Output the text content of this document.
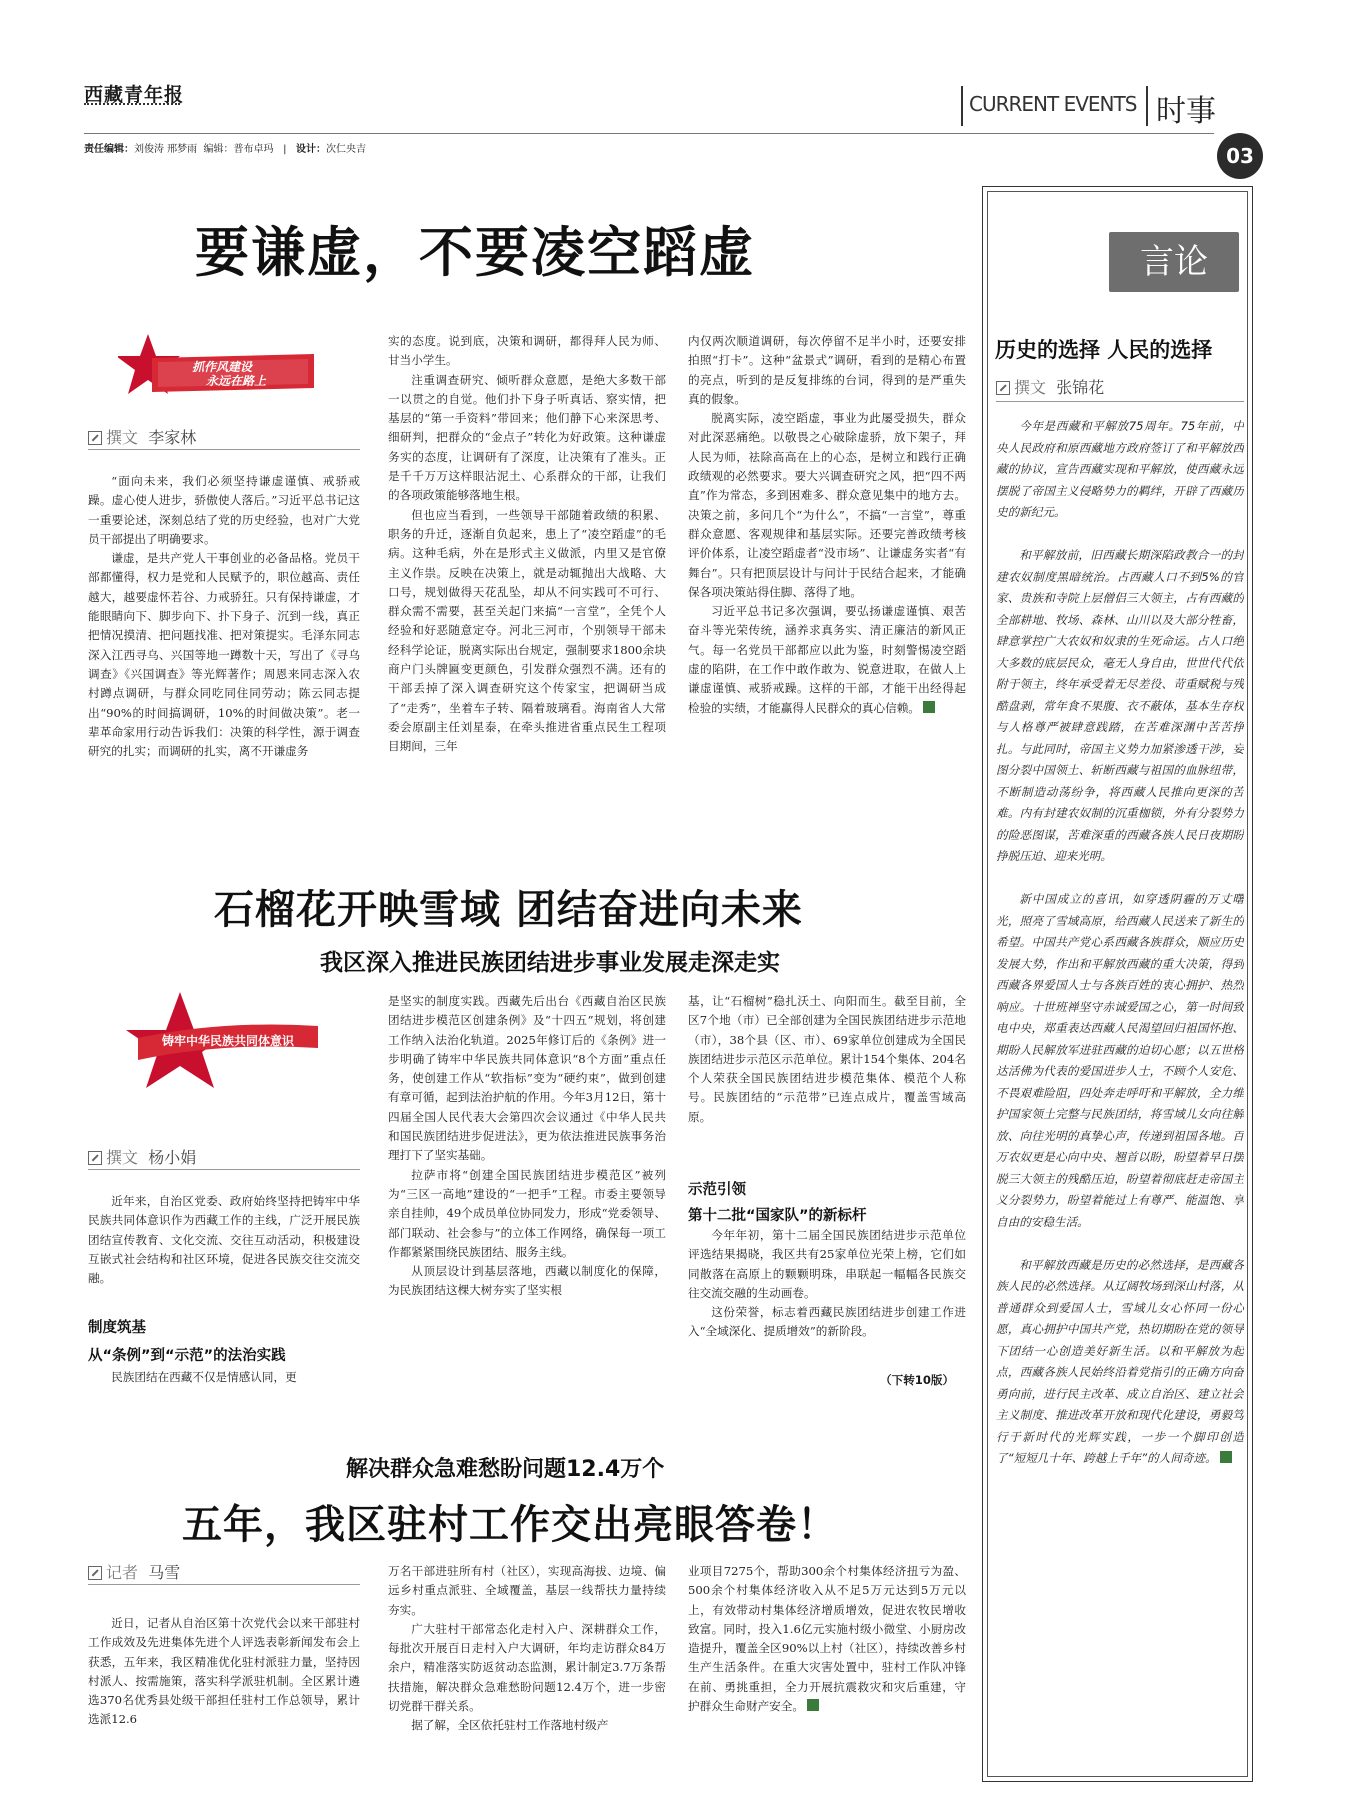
西藏青年报
责任编辑：刘俊涛 邢梦雨 编辑：普布卓玛   |   设计：次仁央吉
CURRENT EVENTS 时事
03
要谦虚，不要凌空蹈虚
抓作风建设
永远在路上
撰文 李家林

“面向未来，我们必须坚持谦虚谨慎、戒骄戒躁。虚心使人进步，骄傲使人落后。”习近平总书记这一重要论述，深刻总结了党的历史经验，也对广大党员干部提出了明确要求。

谦虚，是共产党人干事创业的必备品格。党员干部都懂得，权力是党和人民赋予的，职位越高、责任越大，越要虚怀若谷、力戒骄狂。只有保持谦虚，才能眼睛向下、脚步向下、扑下身子、沉到一线，真正把情况摸清、把问题找准、把对策提实。毛泽东同志深入江西寻乌、兴国等地一蹲数十天，写出了《寻乌调查》《兴国调查》等光辉著作；周恩来同志深入农村蹲点调研，与群众同吃同住同劳动；陈云同志提出“90%的时间搞调研，10%的时间做决策”。老一辈革命家用行动告诉我们：决策的科学性，源于调查研究的扎实；而调研的扎实，离不开谦虚务

实的态度。说到底，决策和调研，都得拜人民为师、甘当小学生。

注重调查研究、倾听群众意愿，是绝大多数干部一以贯之的自觉。他们扑下身子听真话、察实情，把基层的“第一手资料”带回来；他们静下心来深思考、细研判，把群众的“金点子”转化为好政策。这种谦虚务实的态度，让调研有了深度，让决策有了准头。正是千千万万这样眼沾泥土、心系群众的干部，让我们的各项政策能够落地生根。

但也应当看到，一些领导干部随着政绩的积累、职务的升迁，逐渐自负起来，患上了“凌空蹈虚”的毛病。这种毛病，外在是形式主义做派，内里又是官僚主义作祟。反映在决策上，就是动辄抛出大战略、大口号，规划做得天花乱坠，却从不问实践可不可行、群众需不需要，甚至关起门来搞“一言堂”，全凭个人经验和好恶随意定夺。河北三河市，个别领导干部未经科学论证，脱离实际出台规定，强制要求1800余块商户门头牌匾变更颜色，引发群众强烈不满。还有的干部丢掉了深入调查研究这个传家宝，把调研当成了“走秀”，坐着车子转、隔着玻璃看。海南省人大常委会原副主任刘星泰，在牵头推进省重点民生工程项目期间，三年

内仅两次顺道调研，每次停留不足半小时，还要安排拍照“打卡”。这种“盆景式”调研，看到的是精心布置的亮点，听到的是反复排练的台词，得到的是严重失真的假象。

脱离实际，凌空蹈虚，事业为此屡受损失，群众对此深恶痛绝。以敬畏之心破除虚骄，放下架子，拜人民为师，祛除高高在上的心态，是树立和践行正确政绩观的必然要求。要大兴调查研究之风，把“四不两直”作为常态，多到困难多、群众意见集中的地方去。决策之前，多问几个“为什么”，不搞“一言堂”，尊重群众意愿、客观规律和基层实际。还要完善政绩考核评价体系，让凌空蹈虚者“没市场”、让谦虚务实者“有舞台”。只有把顶层设计与问计于民结合起来，才能确保各项决策站得住脚、落得了地。

习近平总书记多次强调，要弘扬谦虚谨慎、艰苦奋斗等光荣传统，涵养求真务实、清正廉洁的新风正气。每一名党员干部都应以此为鉴，时刻警惕凌空蹈虚的陷阱，在工作中敢作敢为、锐意进取，在做人上谦虚谨慎、戒骄戒躁。这样的干部，才能干出经得起检验的实绩，才能赢得人民群众的真心信赖。

石榴花开映雪域 团结奋进向未来
我区深入推进民族团结进步事业发展走深走实
铸牢中华民族共同体意识
撰文 杨小娟

近年来，自治区党委、政府始终坚持把铸牢中华民族共同体意识作为西藏工作的主线，广泛开展民族团结宣传教育、文化交流、交往互动活动，积极建设互嵌式社会结构和社区环境，促进各民族交往交流交融。

制度筑基
从“条例”到“示范”的法治实践

民族团结在西藏不仅是情感认同，更

是坚实的制度实践。西藏先后出台《西藏自治区民族团结进步模范区创建条例》及“十四五”规划，将创建工作纳入法治化轨道。2025年修订后的《条例》进一步明确了铸牢中华民族共同体意识“8个方面”重点任务，使创建工作从“软指标”变为“硬约束”，做到创建有章可循，起到法治护航的作用。今年3月12日，第十四届全国人民代表大会第四次会议通过《中华人民共和国民族团结进步促进法》，更为依法推进民族事务治理打下了坚实基础。

拉萨市将“创建全国民族团结进步模范区”被列为“三区一高地”建设的“一把手”工程。市委主要领导亲自挂帅，49个成员单位协同发力，形成“党委领导、部门联动、社会参与”的立体工作网络，确保每一项工作都紧紧围绕民族团结、服务主线。

从顶层设计到基层落地，西藏以制度化的保障，为民族团结这棵大树夯实了坚实根

基，让“石榴树”稳扎沃土、向阳而生。截至目前，全区7个地（市）已全部创建为全国民族团结进步示范地（市），38个县（区、市）、69家单位创建成为全国民族团结进步示范区示范单位。累计154个集体、204名个人荣获全国民族团结进步模范集体、模范个人称号。民族团结的“示范带”已连点成片，覆盖雪域高原。

示范引领
第十二批“国家队”的新标杆

今年年初，第十二届全国民族团结进步示范单位评选结果揭晓，我区共有25家单位光荣上榜，它们如同散落在高原上的颗颗明珠，串联起一幅幅各民族交往交流交融的生动画卷。

这份荣誉，标志着西藏民族团结进步创建工作进入“全域深化、提质增效”的新阶段。

（下转10版）
解决群众急难愁盼问题12.4万个
五年，我区驻村工作交出亮眼答卷！
记者 马雪

近日，记者从自治区第十次党代会以来干部驻村工作成效及先进集体先进个人评选表彰新闻发布会上获悉，五年来，我区精准优化驻村派驻力量，坚持因村派人、按需施策，落实科学派驻机制。全区累计遴选370名优秀县处级干部担任驻村工作总领导，累计选派12.6

万名干部进驻所有村（社区），实现高海拔、边境、偏远乡村重点派驻、全域覆盖，基层一线帮扶力量持续夯实。

广大驻村干部常态化走村入户、深耕群众工作，每批次开展百日走村入户大调研，年均走访群众84万余户，精准落实防返贫动态监测，累计制定3.7万条帮扶措施，解决群众急难愁盼问题12.4万个，进一步密切党群干群关系。

据了解，全区依托驻村工作落地村级产

业项目7275个，帮助300余个村集体经济扭亏为盈、500余个村集体经济收入从不足5万元达到5万元以上，有效带动村集体经济增质增效，促进农牧民增收致富。同时，投入1.6亿元实施村级小微堂、小厨房改造提升，覆盖全区90%以上村（社区），持续改善乡村生产生活条件。在重大灾害处置中，驻村工作队冲锋在前、勇挑重担，全力开展抗震救灾和灾后重建，守护群众生命财产安全。

言论
历史的选择 人民的选择
撰文 张锦花

今年是西藏和平解放75周年。75年前，中央人民政府和原西藏地方政府签订了和平解放西藏的协议，宣告西藏实现和平解放，使西藏永远摆脱了帝国主义侵略势力的羁绊，开辟了西藏历史的新纪元。

和平解放前，旧西藏长期深陷政教合一的封建农奴制度黑暗统治。占西藏人口不到5%的官家、贵族和寺院上层僧侣三大领主，占有西藏的全部耕地、牧场、森林、山川以及大部分牲畜，肆意掌控广大农奴和奴隶的生死命运。占人口绝大多数的底层民众，毫无人身自由，世世代代依附于领主，终年承受着无尽差役、苛重赋税与残酷盘剥，常年食不果腹、衣不蔽体，基本生存权与人格尊严被肆意践踏，在苦难深渊中苦苦挣扎。与此同时，帝国主义势力加紧渗透干涉，妄图分裂中国领土、斩断西藏与祖国的血脉纽带，不断制造动荡纷争，将西藏人民推向更深的苦难。内有封建农奴制的沉重枷锁，外有分裂势力的险恶图谋，苦难深重的西藏各族人民日夜期盼挣脱压迫、迎来光明。

新中国成立的喜讯，如穿透阴霾的万丈曙光，照亮了雪域高原，给西藏人民送来了新生的希望。中国共产党心系西藏各族群众，顺应历史发展大势，作出和平解放西藏的重大决策，得到西藏各界爱国人士与各族百姓的衷心拥护、热烈响应。十世班禅坚守赤诚爱国之心，第一时间致电中央，郑重表达西藏人民渴望回归祖国怀抱、期盼人民解放军进驻西藏的迫切心愿；以五世格达活佛为代表的爱国进步人士，不顾个人安危、不畏艰难险阻，四处奔走呼吁和平解放，全力维护国家领土完整与民族团结，将雪域儿女向往解放、向往光明的真挚心声，传递到祖国各地。百万农奴更是心向中央、翘首以盼，盼望着早日摆脱三大领主的残酷压迫，盼望着彻底赶走帝国主义分裂势力，盼望着能过上有尊严、能温饱、享自由的安稳生活。

和平解放西藏是历史的必然选择，是西藏各族人民的必然选择。从辽阔牧场到深山村落，从普通群众到爱国人士，雪域儿女心怀同一份心愿，真心拥护中国共产党，热切期盼在党的领导下团结一心创造美好新生活。以和平解放为起点，西藏各族人民始终沿着党指引的正确方向奋勇向前，进行民主改革、成立自治区、建立社会主义制度、推进改革开放和现代化建设，勇毅笃行于新时代的光辉实践，一步一个脚印创造了“短短几十年、跨越上千年”的人间奇迹。
